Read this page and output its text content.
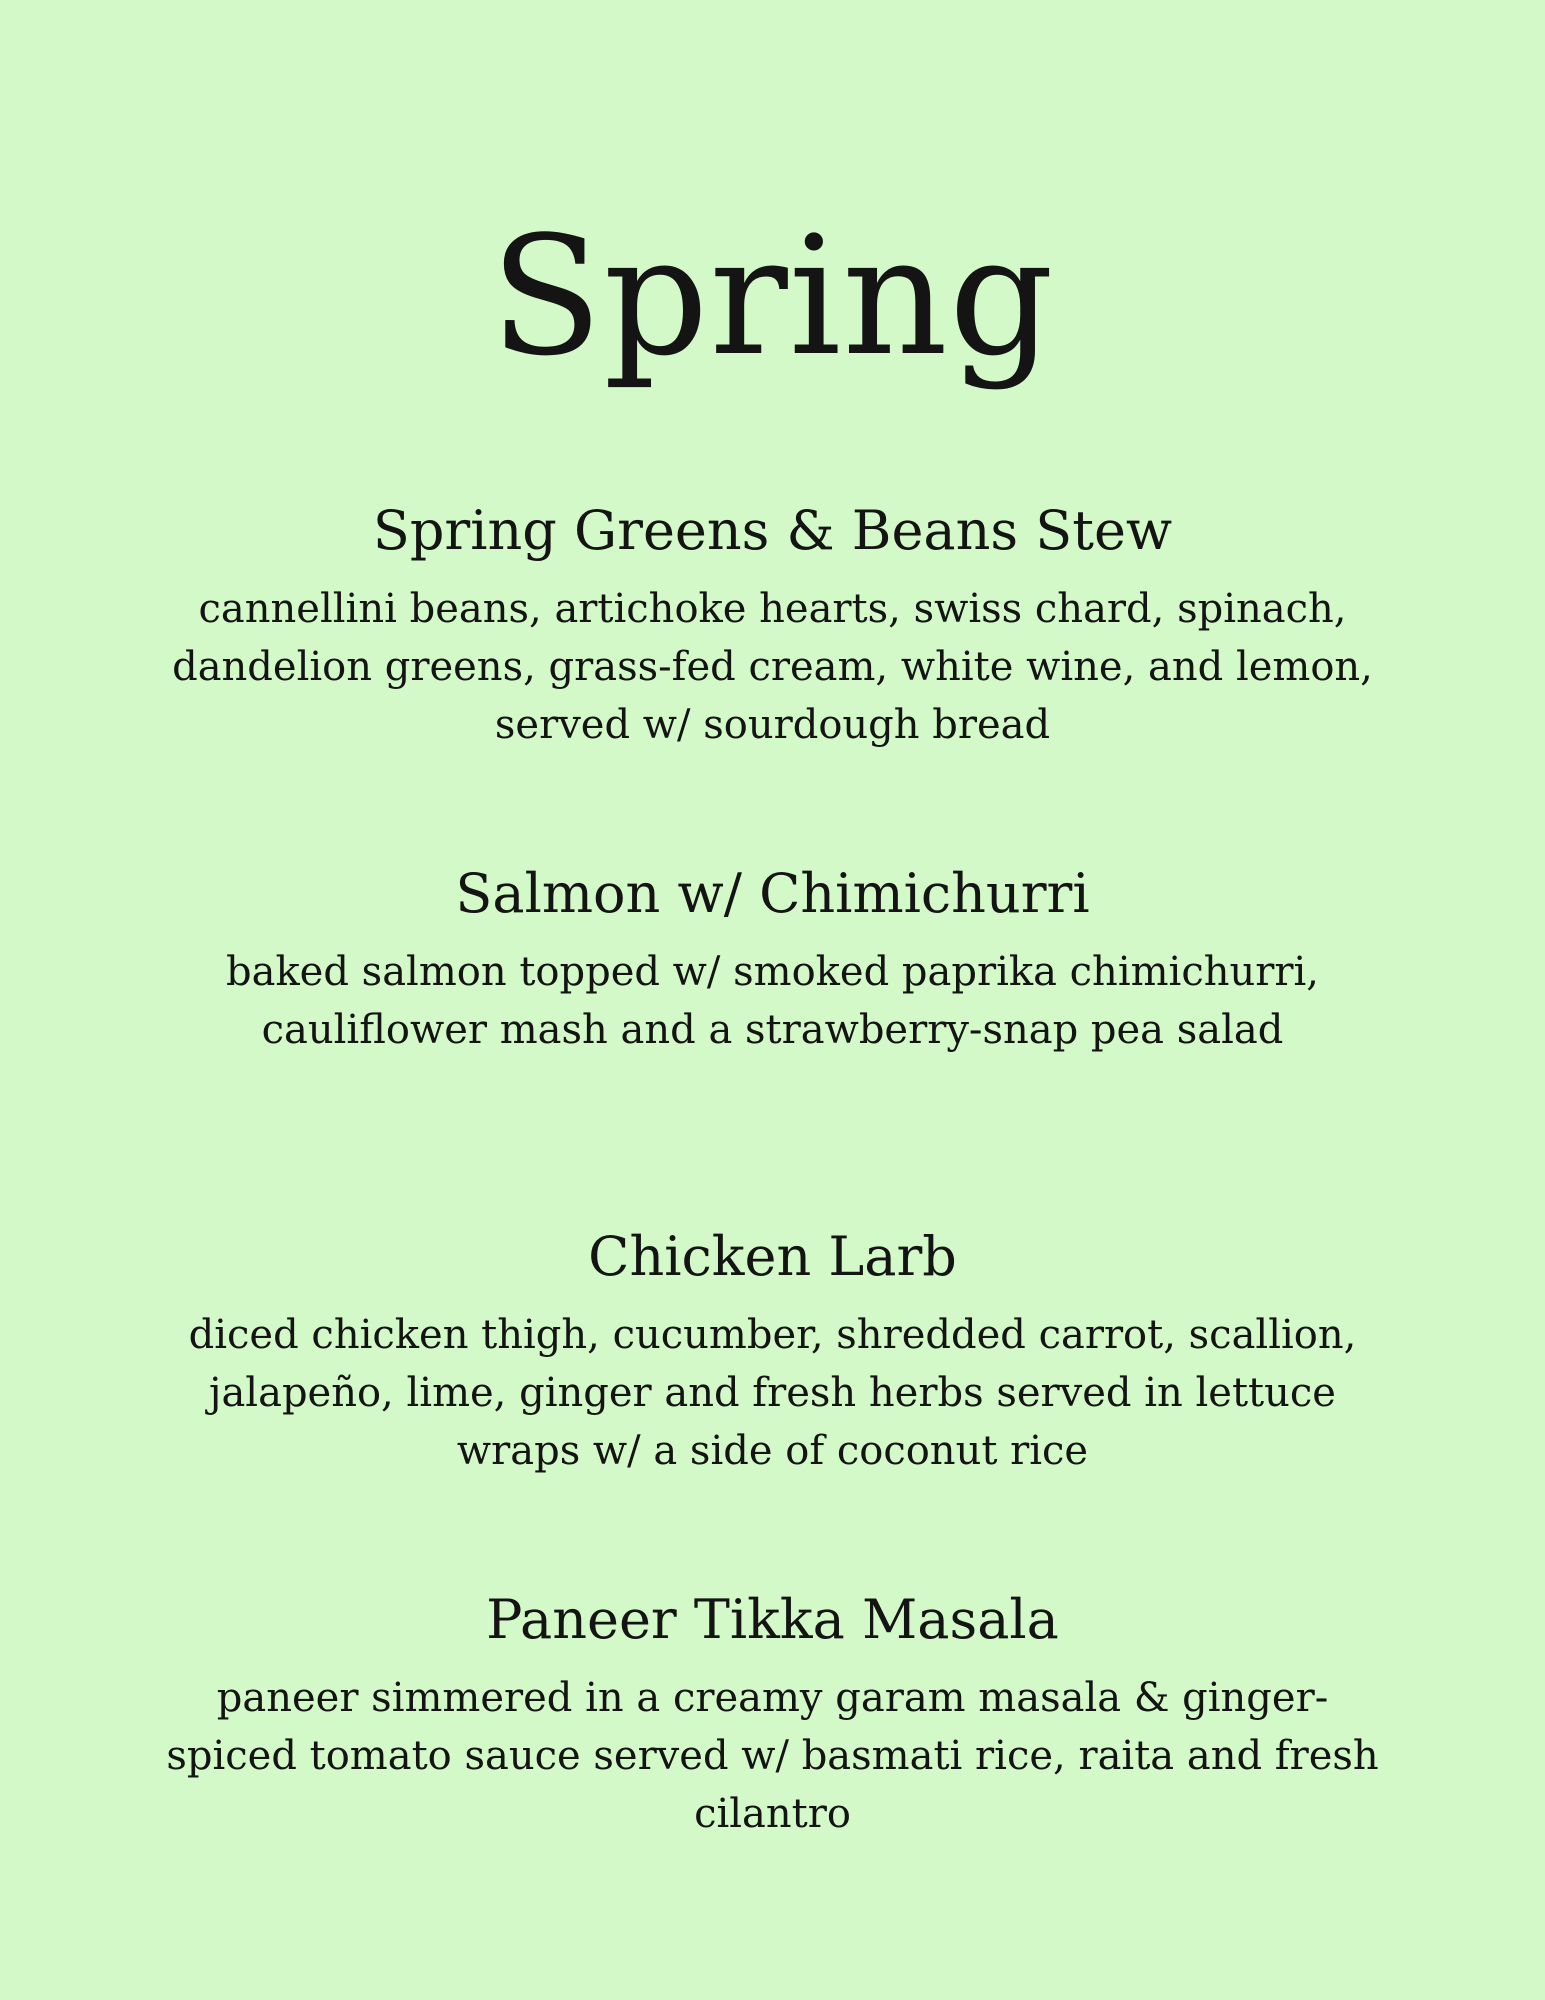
Spring
Spring Greens & Beans Stew

cannellini beans, artichoke hearts, swiss chard, spinach, dandelion greens, grass-fed cream, white wine, and lemon, served w/ sourdough bread

Salmon w/ Chimichurri

baked salmon topped w/ smoked paprika chimichurri, cauliflower mash and a strawberry-snap pea salad

Chicken Larb

diced chicken thigh, cucumber, shredded carrot, scallion, jalapeño, lime, ginger and fresh herbs served in lettuce wraps w/ a side of coconut rice

Paneer Tikka Masala

paneer simmered in a creamy garam masala & ginger-spiced tomato sauce served w/ basmati rice, raita and fresh cilantro
